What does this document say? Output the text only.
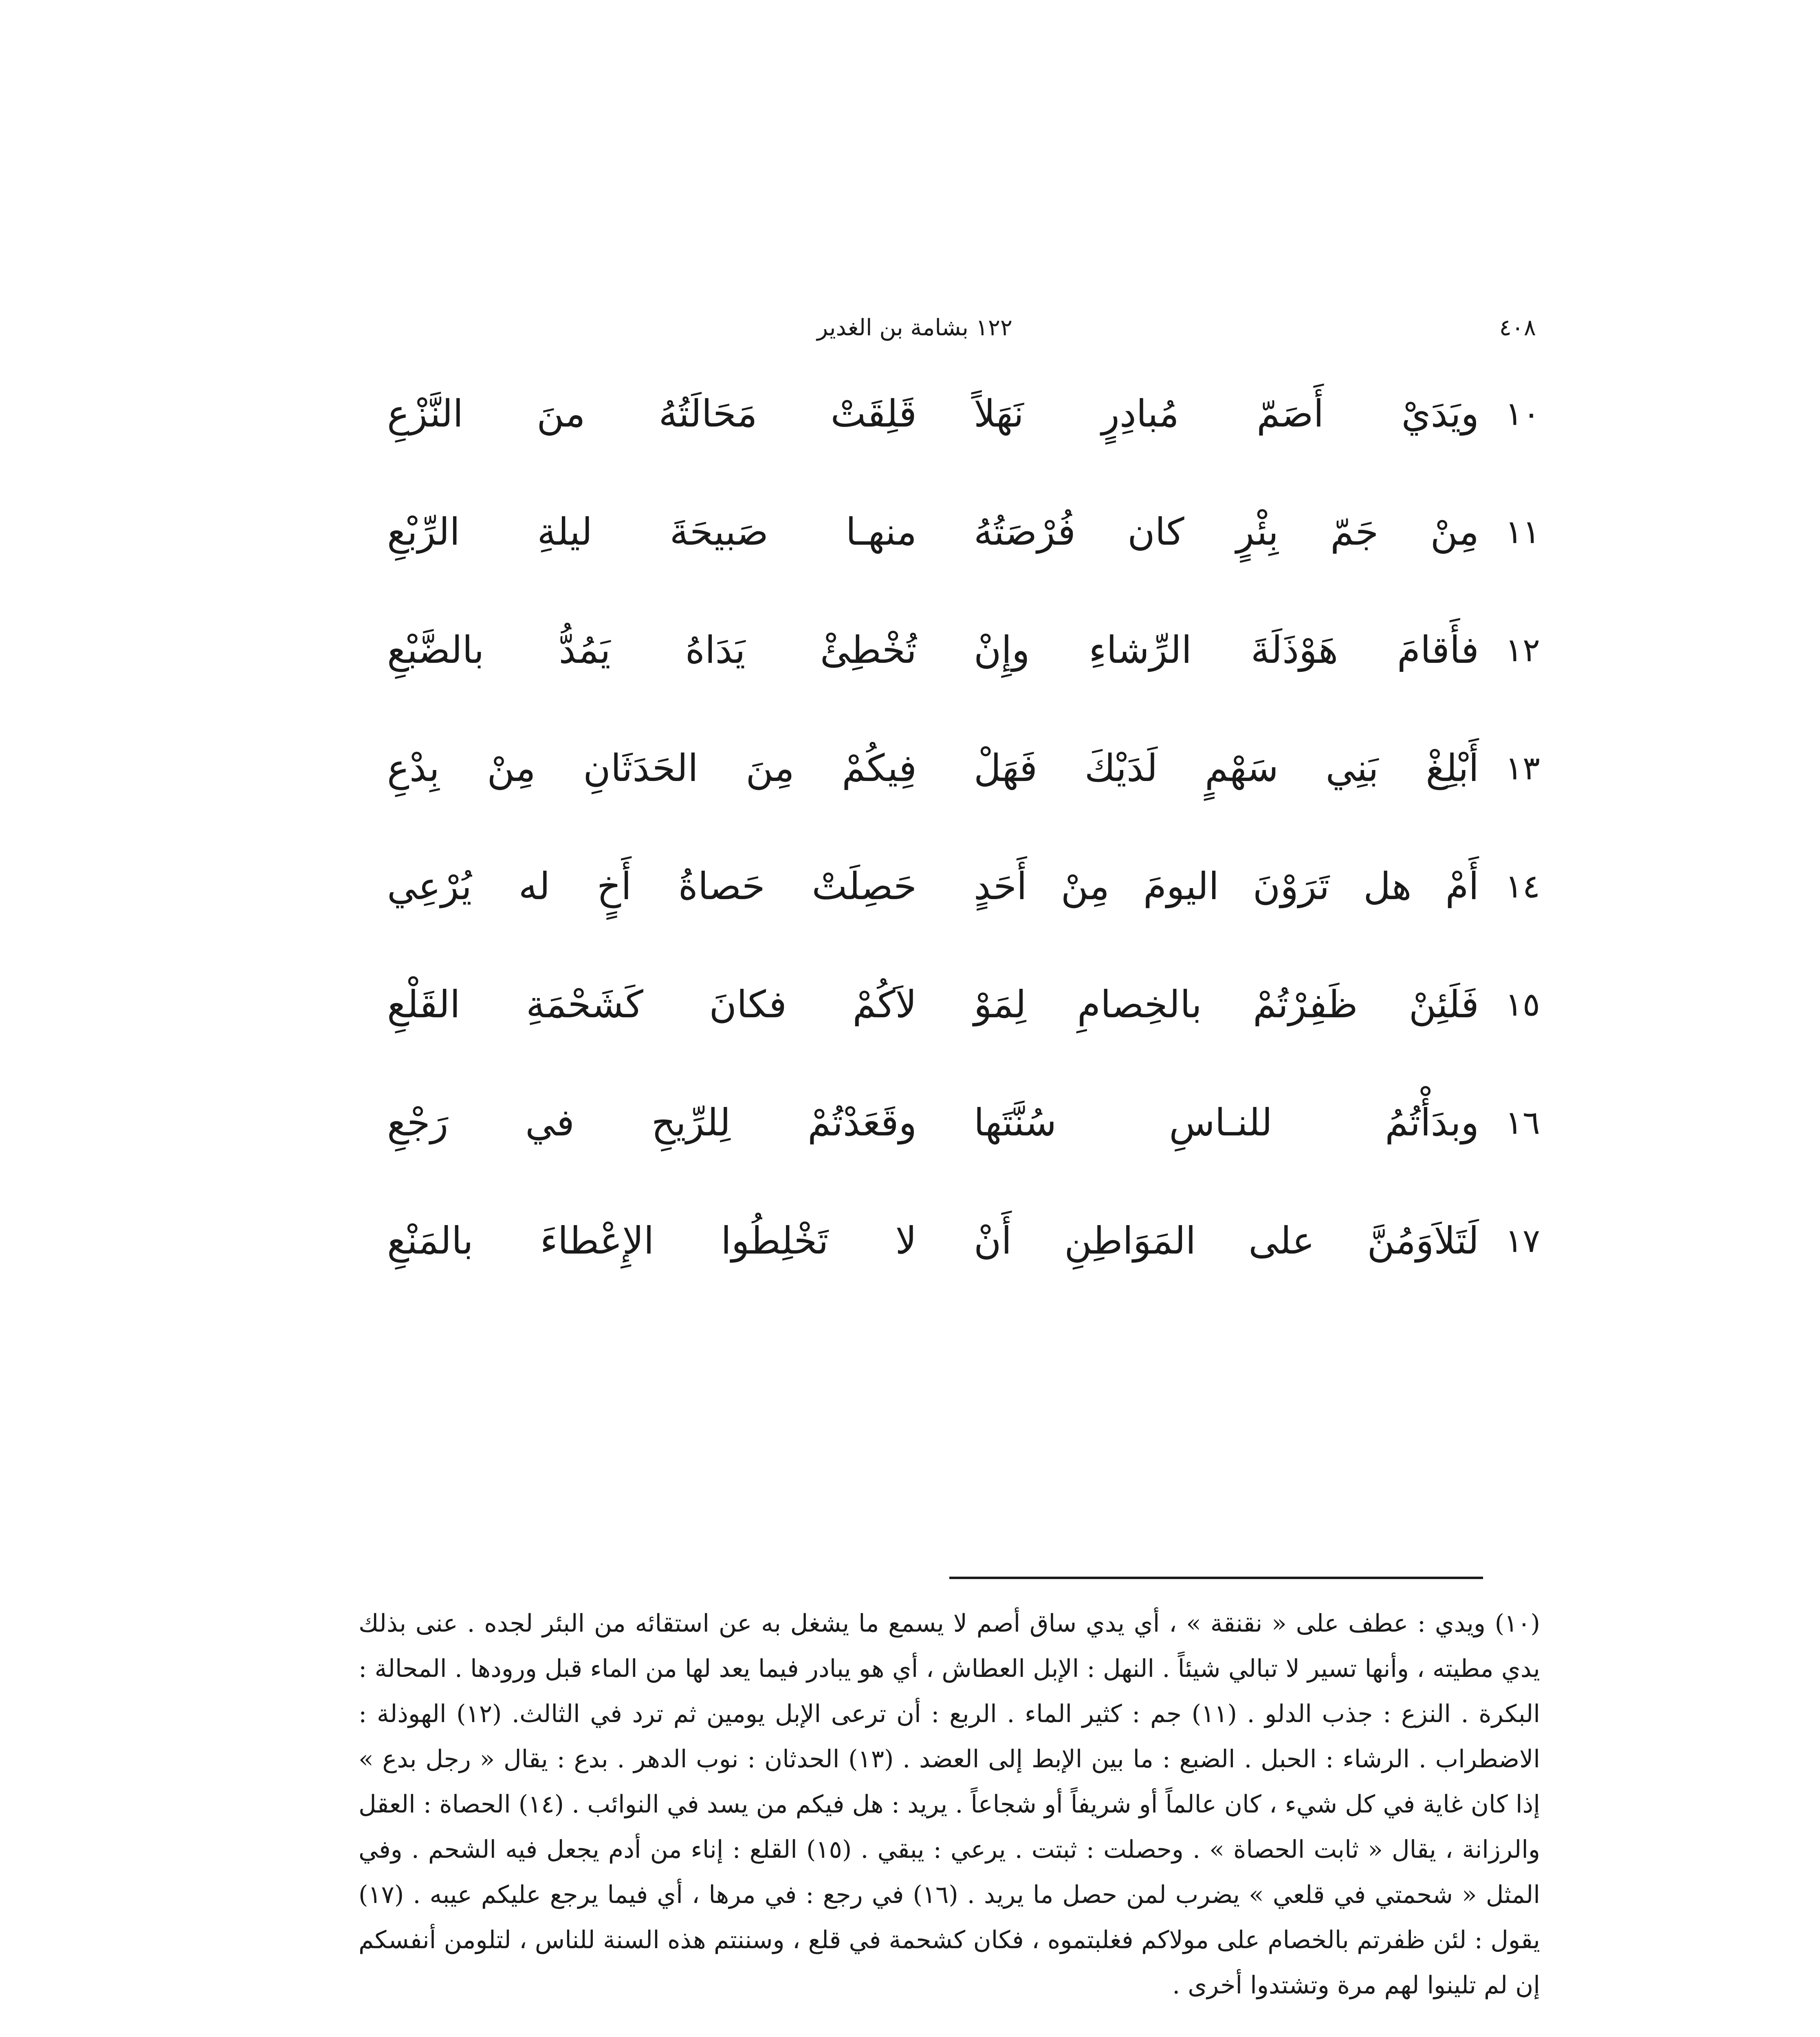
٤٠٨
١٢٢ بشامة بن الغدير
١٠
ويَدَيْ أَصَمّ مُبادِرٍ نَهَلاً
قَلِقَتْ مَحَالَتُهُ منَ النَّزْعِ
١١
مِنْ جَمّ بِئْرٍ كان فُرْصَتُهُ
منهـا صَبيحَةَ ليلةِ الرِّبْعِ
١٢
فأَقامَ هَوْذَلَةَ الرِّشاءِ وإِنْ
تُخْطِئْ يَدَاهُ يَمُدُّ بالضَّبْعِ
١٣
أَبْلِغْ بَنِي سَهْمٍ لَدَيْكَ فَهَلْ
فِيكُمْ مِنَ الحَدَثَانِ مِنْ بِدْعِ
١٤
أَمْ هل تَرَوْنَ اليومَ مِنْ أَحَدٍ
حَصِلَتْ حَصاةُ أَخٍ له يُرْعِي
١٥
فَلَئِنْ ظَفِرْتُمْ بالخِصامِ لِمَوْ
لاَكُمْ فكانَ كَشَحْمَةِ القَلْعِ
١٦
وبدَأْتُمُ للنـاسِ سُنَّتَها
وقَعَدْتُمْ لِلرِّيحِ في رَجْعِ
١٧
لَتَلاَوَمُنَّ على المَوَاطِنِ أَنْ
لا تَخْلِطُوا الإِعْطاءَ بالمَنْعِ

(١٠) ويدي : عطف على « نقنقة » ، أي يدي ساق أصم لا يسمع ما يشغل به عن استقائه من البئر لجده . عنى بذلك يدي مطيته ، وأنها تسير لا تبالي شيئاً . النهل : الإبل العطاش ، أي هو يبادر فيما يعد لها من الماء قبل ورودها . المحالة : البكرة . النزع : جذب الدلو . (١١) جم : كثير الماء . الربع : أن ترعى الإبل يومين ثم ترد في الثالث. (١٢) الهوذلة : الاضطراب . الرشاء : الحبل . الضبع : ما بين الإبط إلى العضد . (١٣) الحدثان : نوب الدهر . بدع : يقال « رجل بدع » إذا كان غاية في كل شيء ، كان عالماً أو شريفاً أو شجاعاً . يريد : هل فيكم من يسد في النوائب . (١٤) الحصاة : العقل والرزانة ، يقال « ثابت الحصاة » . وحصلت : ثبتت . يرعي : يبقي . (١٥) القلع : إناء من أدم يجعل فيه الشحم . وفي المثل « شحمتي في قلعي » يضرب لمن حصل ما يريد . (١٦) في رجع : في مرها ، أي فيما يرجع عليكم عيبه . (١٧) يقول : لئن ظفرتم بالخصام على مولاكم فغلبتموه ، فكان كشحمة في قلع ، وسننتم هذه السنة للناس ، لتلومن أنفسكم إن لم تلينوا لهم مرة وتشتدوا أخرى .
